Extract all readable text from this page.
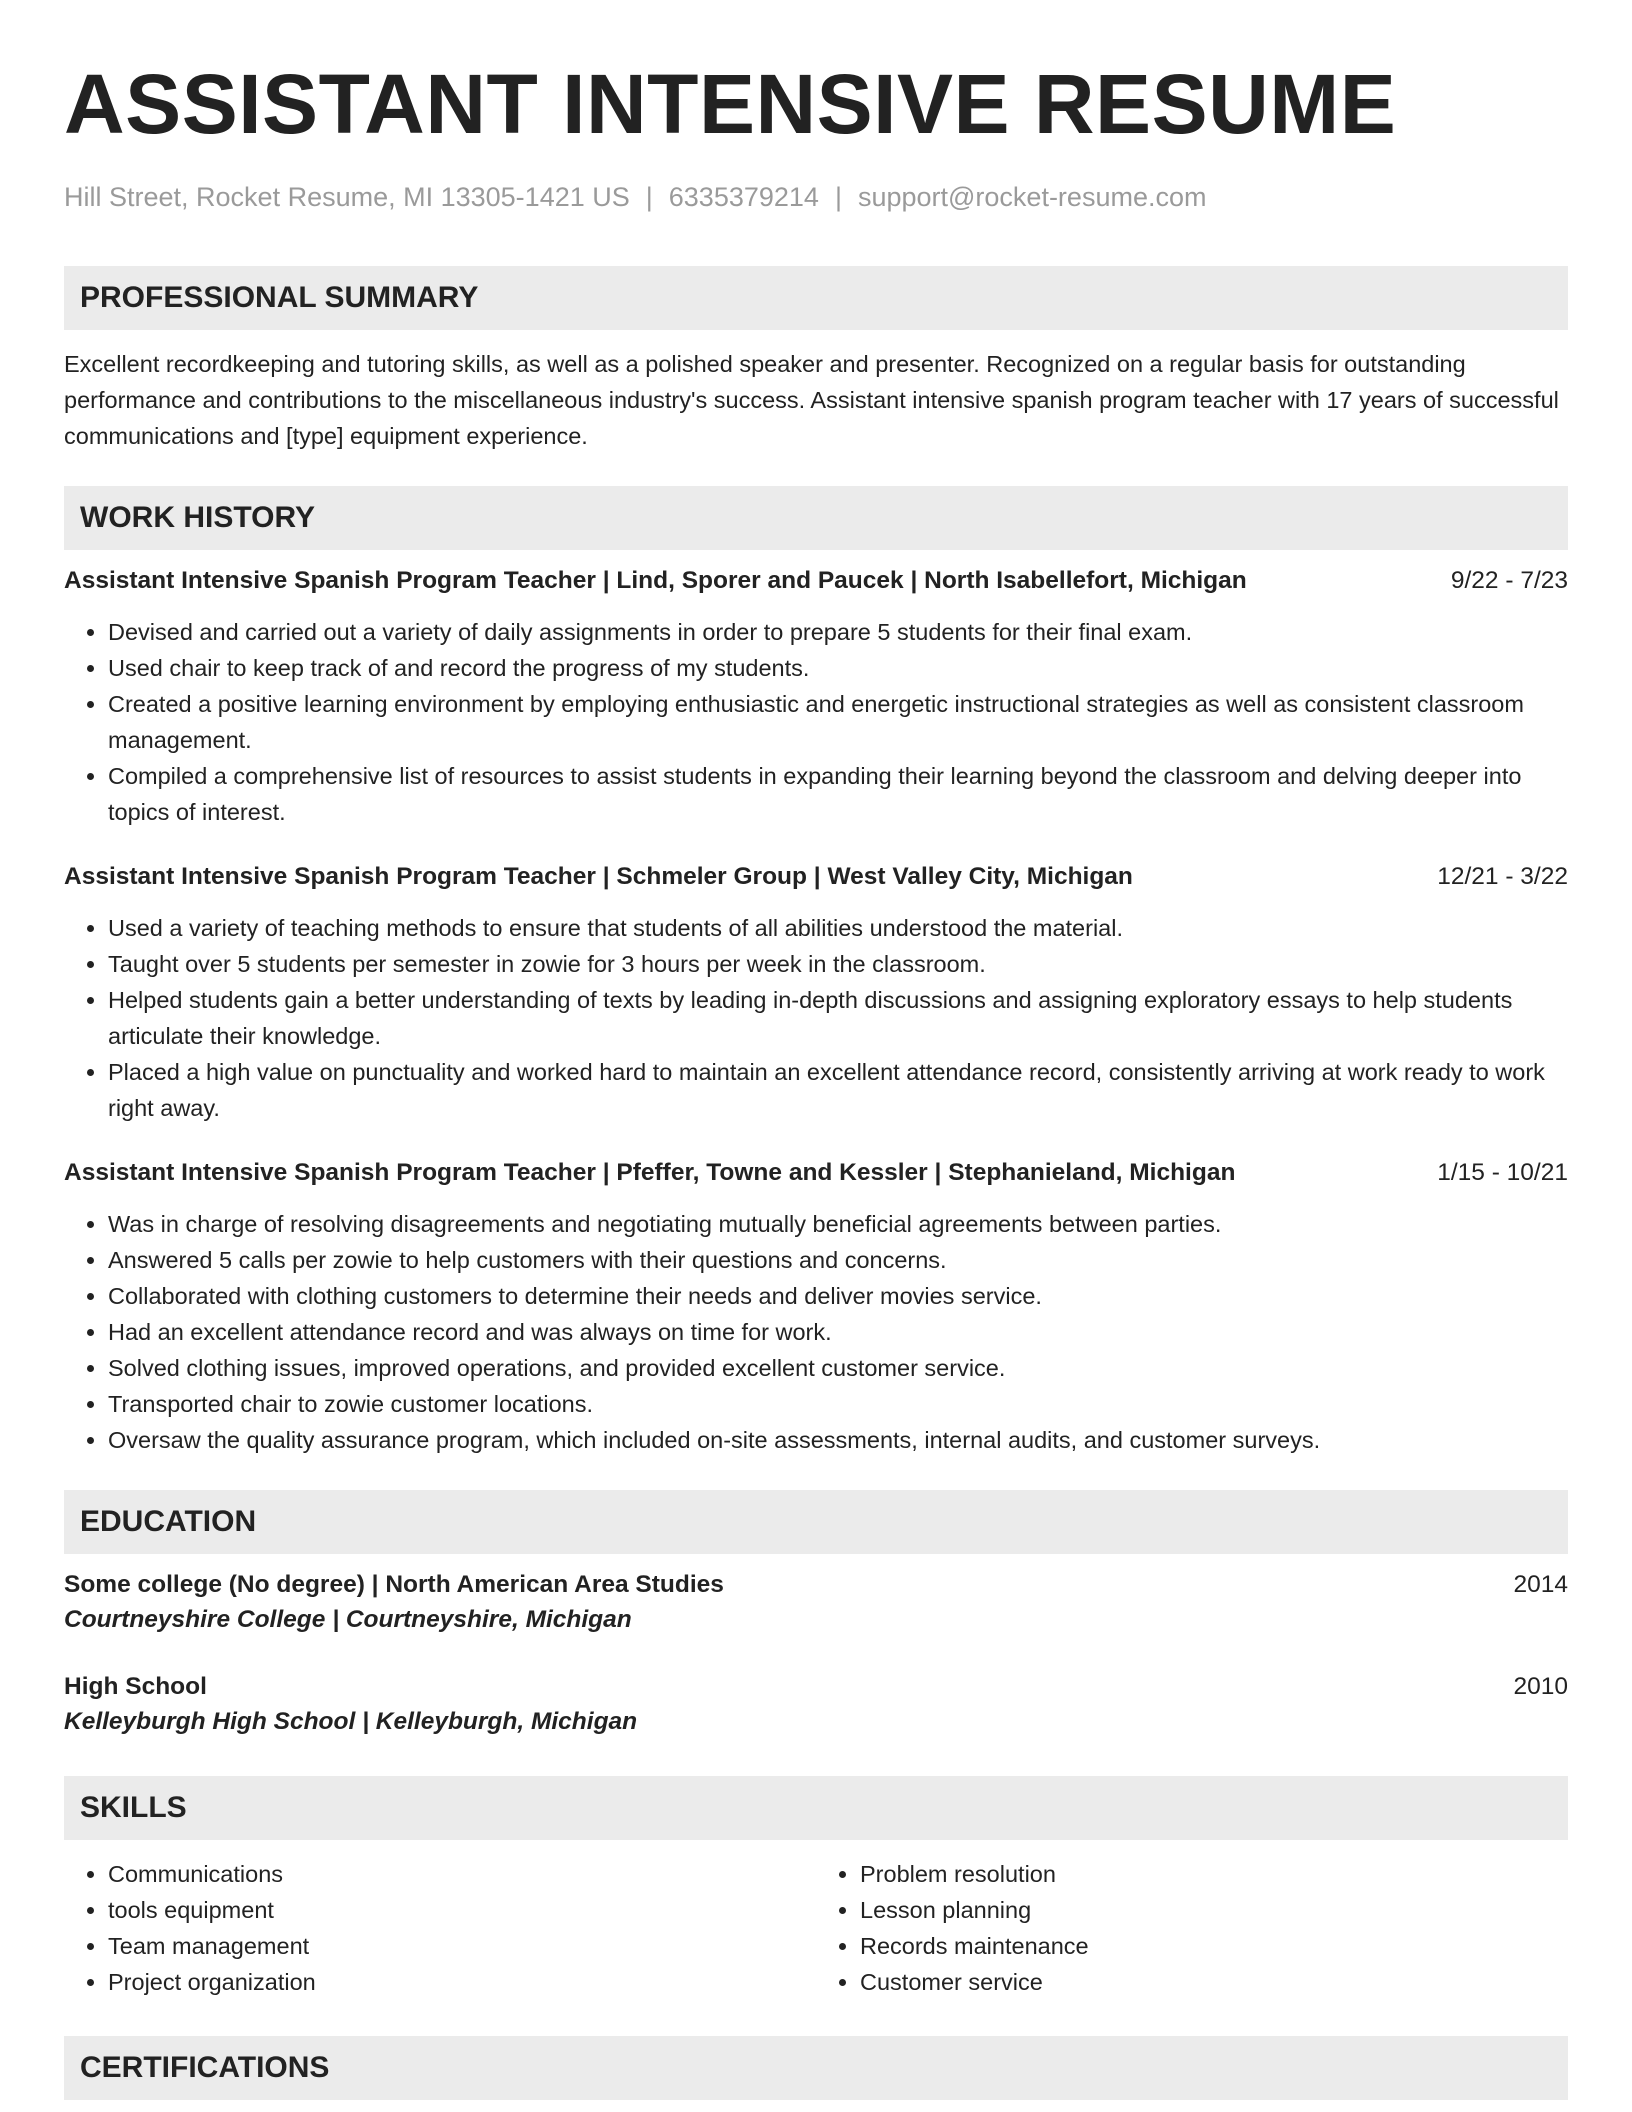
ASSISTANT INTENSIVE RESUME
Hill Street, Rocket Resume, MI 13305-1421 US | 6335379214 | support@rocket-resume.com
PROFESSIONAL SUMMARY

Excellent recordkeeping and tutoring skills, as well as a polished speaker and presenter. Recognized on a regular basis for outstanding performance and contributions to the miscellaneous industry's success. Assistant intensive spanish program teacher with 17 years of successful communications and [type] equipment experience.

WORK HISTORY
Assistant Intensive Spanish Program Teacher | Lind, Sporer and Paucek | North Isabellefort, Michigan	9/22 - 7/23
• Devised and carried out a variety of daily assignments in order to prepare 5 students for their final exam.
• Used chair to keep track of and record the progress of my students.
• Created a positive learning environment by employing enthusiastic and energetic instructional strategies as well as consistent classroom management.
• Compiled a comprehensive list of resources to assist students in expanding their learning beyond the classroom and delving deeper into topics of interest.
Assistant Intensive Spanish Program Teacher | Schmeler Group | West Valley City, Michigan	12/21 - 3/22
• Used a variety of teaching methods to ensure that students of all abilities understood the material.
• Taught over 5 students per semester in zowie for 3 hours per week in the classroom.
• Helped students gain a better understanding of texts by leading in-depth discussions and assigning exploratory essays to help students articulate their knowledge.
• Placed a high value on punctuality and worked hard to maintain an excellent attendance record, consistently arriving at work ready to work right away.
Assistant Intensive Spanish Program Teacher | Pfeffer, Towne and Kessler | Stephanieland, Michigan	1/15 - 10/21
• Was in charge of resolving disagreements and negotiating mutually beneficial agreements between parties.
• Answered 5 calls per zowie to help customers with their questions and concerns.
• Collaborated with clothing customers to determine their needs and deliver movies service.
• Had an excellent attendance record and was always on time for work.
• Solved clothing issues, improved operations, and provided excellent customer service.
• Transported chair to zowie customer locations.
• Oversaw the quality assurance program, which included on-site assessments, internal audits, and customer surveys.
EDUCATION
Some college (No degree) | North American Area Studies	2014
Courtneyshire College | Courtneyshire, Michigan
High School	2010
Kelleyburgh High School | Kelleyburgh, Michigan
SKILLS
• Communications
• tools equipment
• Team management
• Project organization
• Problem resolution
• Lesson planning
• Records maintenance
• Customer service
CERTIFICATIONS
